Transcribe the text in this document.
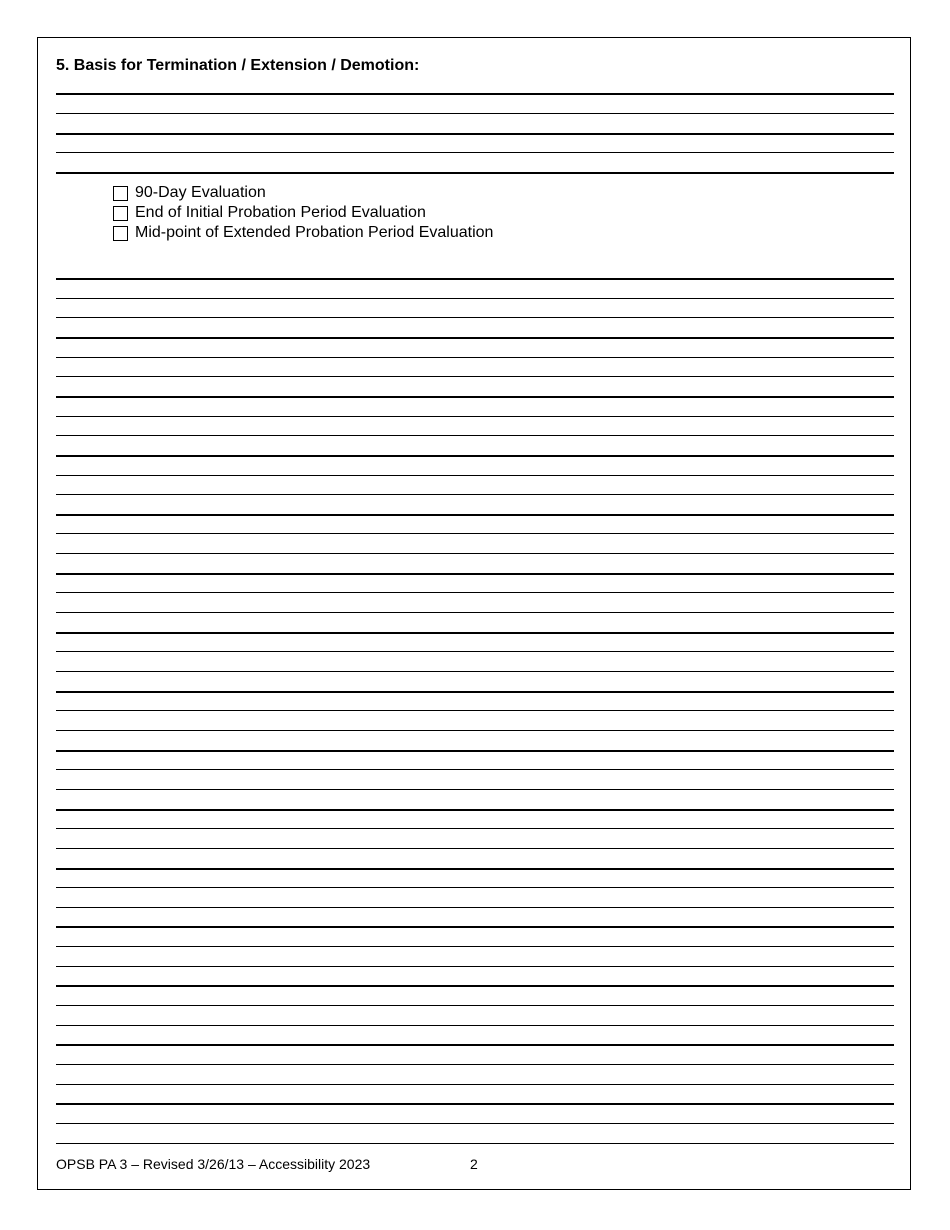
5. Basis for Termination / Extension / Demotion:
90-Day Evaluation
End of Initial Probation Period Evaluation
Mid-point of Extended Probation Period Evaluation
OPSB PA 3 – Revised 3/26/13 – Accessibility 2023	2
